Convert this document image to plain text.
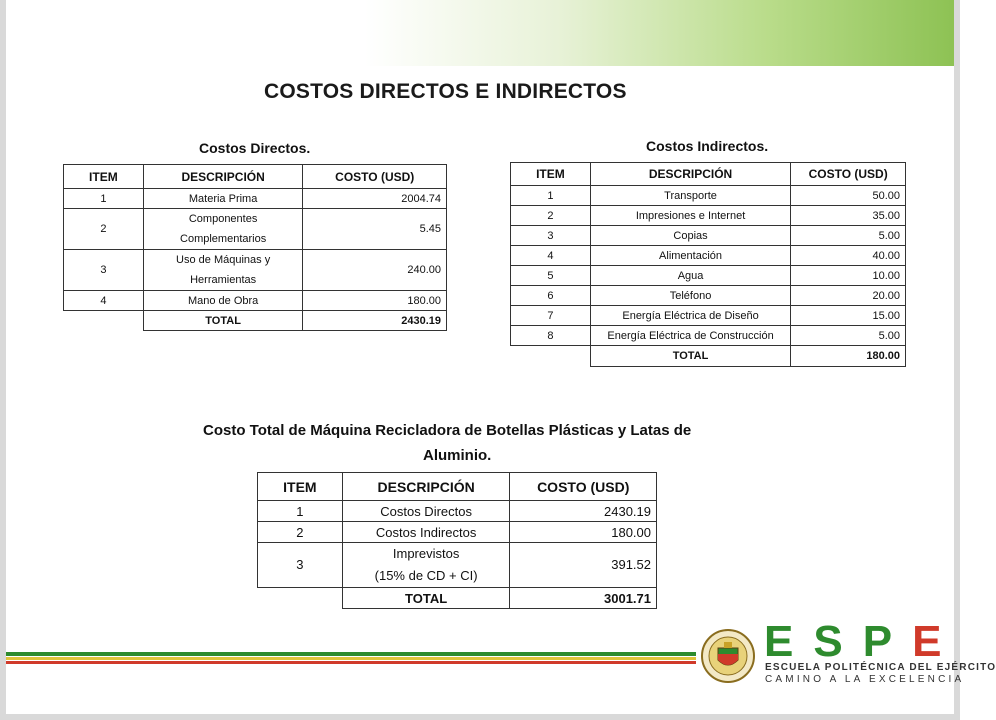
COSTOS DIRECTOS E INDIRECTOS
Costos Directos.
ITEM	DESCRIPCIÓN	COSTO (USD)
1	Materia Prima	2004.74
2	Componentes
Complementarios	5.45
3	Uso de Máquinas y
Herramientas	240.00
4	Mano de Obra	180.00
	TOTAL	2430.19
Costos Indirectos.
ITEM	DESCRIPCIÓN	COSTO (USD)
1	Transporte	50.00
2	Impresiones e Internet	35.00
3	Copias	5.00
4	Alimentación	40.00
5	Agua	10.00
6	Teléfono	20.00
7	Energía Eléctrica de Diseño	15.00
8	Energía Eléctrica de Construcción	5.00
	TOTAL	180.00
Costo Total de Máquina Recicladora de Botellas Plásticas y Latas de
Aluminio.
ITEM	DESCRIPCIÓN	COSTO (USD)
1	Costos Directos	2430.19
2	Costos Indirectos	180.00
3	Imprevistos
(15% de CD + CI)	391.52
	TOTAL	3001.71
ESPE
ESCUELA POLITÉCNICA DEL EJÉRCITO
CAMINO A LA EXCELENCIA
